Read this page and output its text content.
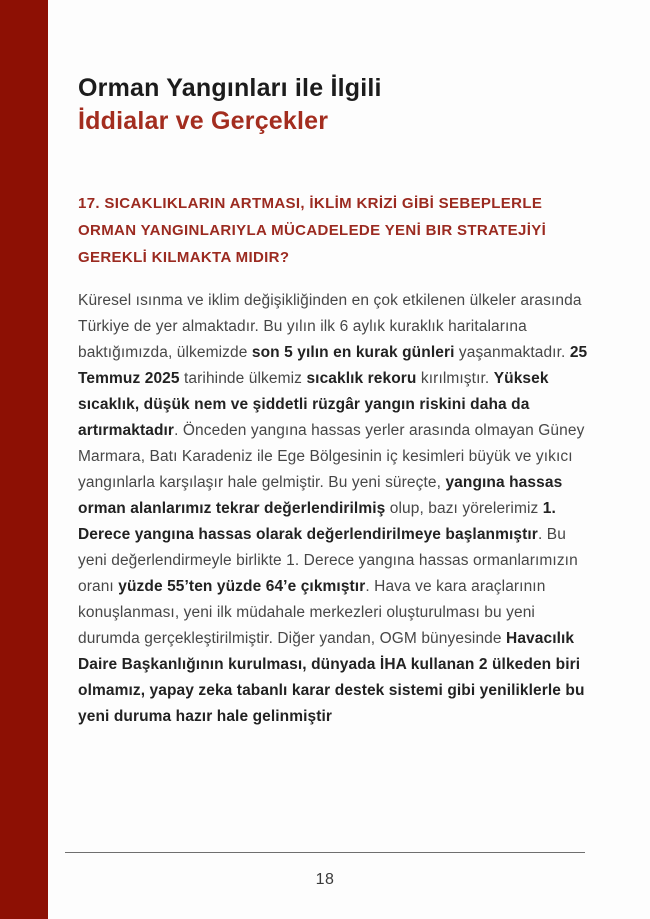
Orman Yangınları ile İlgili
İddialar ve Gerçekler
17. SICAKLIKLARIN ARTMASI, İKLİM KRİZİ GİBİ SEBEPLERLE ORMAN YANGINLARIYLA MÜCADELEDE YENİ BIR STRATEJİYİ GEREKLİ KILMAKTA MIDIR?

Küresel ısınma ve iklim değişikliğinden en çok etkilenen ülkeler arasında Türkiye de yer almaktadır. Bu yılın ilk 6 aylık kuraklık haritalarına baktığımızda, ülkemizde son 5 yılın en kurak günleri yaşanmaktadır. 25 Temmuz 2025 tarihinde ülkemiz sıcaklık rekoru kırılmıştır. Yüksek sıcaklık, düşük nem ve şiddetli rüzgâr yangın riskini daha da artırmaktadır. Önceden yangına hassas yerler arasında olmayan Güney Marmara, Batı Karadeniz ile Ege Bölgesinin iç kesimleri büyük ve yıkıcı yangınlarla karşılaşır hale gelmiştir. Bu yeni süreçte, yangına hassas orman alanlarımız tekrar değerlendirilmiş olup, bazı yörelerimiz 1. Derece yangına hassas olarak değerlendirilmeye başlanmıştır. Bu yeni değerlendirmeyle birlikte 1. Derece yangına hassas ormanlarımızın oranı yüzde 55’ten yüzde 64’e çıkmıştır. Hava ve kara araçlarının konuşlanması, yeni ilk müdahale merkezleri oluşturulması bu yeni durumda gerçekleştirilmiştir. Diğer yandan, OGM bünyesinde Havacılık Daire Başkanlığının kurulması, dünyada İHA kullanan 2 ülkeden biri olmamız, yapay zeka tabanlı karar destek sistemi gibi yeniliklerle bu yeni duruma hazır hale gelinmiştir

18
